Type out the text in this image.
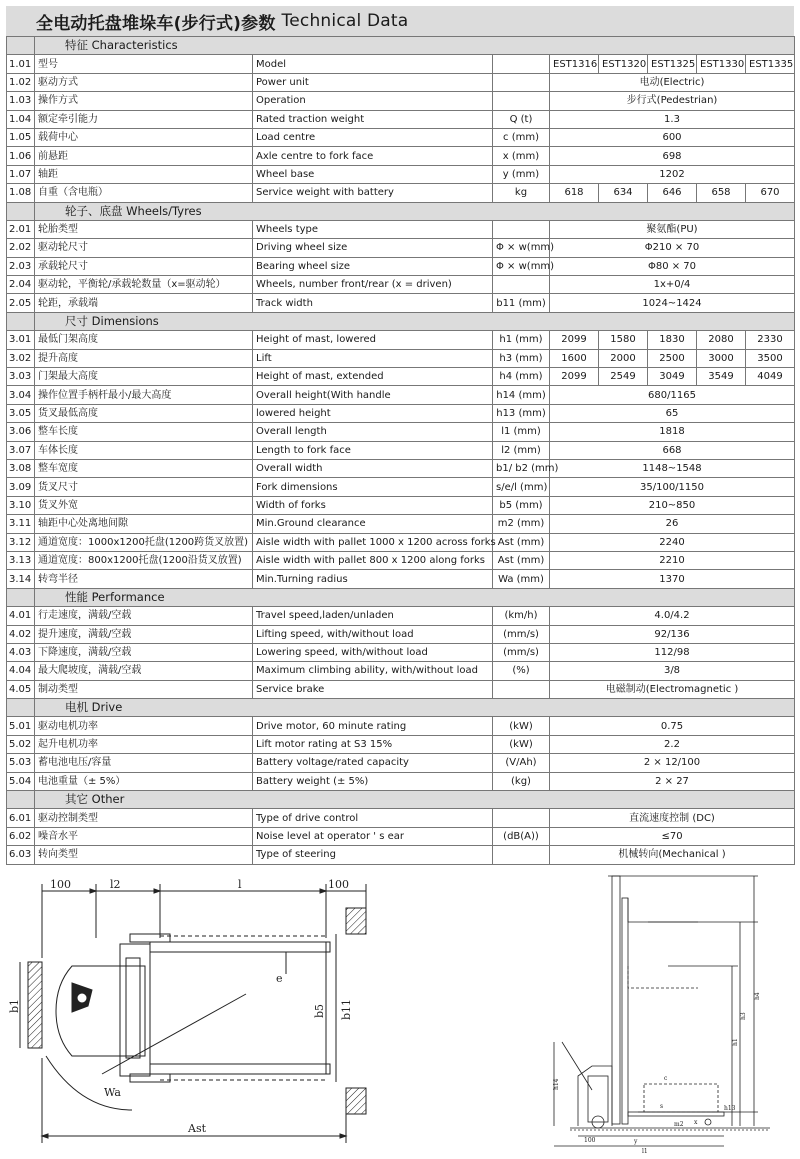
全电动托盘堆垛车(步行式)参数 Technical Data
	特征 Characteristics							
1.01	型号	Model		EST1316	EST1320	EST1325	EST1330	EST1335
1.02	驱动方式	Power unit		电动(Electric)				
1.03	操作方式	Operation		步行式(Pedestrian)				
1.04	额定牵引能力	Rated traction weight	Q (t)	1.3				
1.05	载荷中心	Load centre	c (mm)	600				
1.06	前悬距	Axle centre to fork face	x (mm)	698				
1.07	轴距	Wheel base	y (mm)	1202				
1.08	自重（含电瓶）	Service weight with battery	kg	618	634	646	658	670
	轮子、底盘 Wheels/Tyres							
2.01	轮胎类型	Wheels type		聚氨酯(PU)				
2.02	驱动轮尺寸	Driving wheel size	Φ × w(mm)	Φ210 × 70				
2.03	承载轮尺寸	Bearing wheel size	Φ × w(mm)	Φ80 × 70				
2.04	驱动轮，平衡轮/承载轮数量（x=驱动轮）	Wheels, number front/rear (x = driven)		1x+0/4				
2.05	轮距，承载端	Track width	b11 (mm)	1024~1424				
	尺寸 Dimensions							
3.01	最低门架高度	Height of mast, lowered	h1 (mm)	2099	1580	1830	2080	2330
3.02	提升高度	Lift	h3 (mm)	1600	2000	2500	3000	3500
3.03	门架最大高度	Height of mast, extended	h4 (mm)	2099	2549	3049	3549	4049
3.04	操作位置手柄杆最小/最大高度	Overall height(With handle	h14 (mm)	680/1165				
3.05	货叉最低高度	lowered height	h13 (mm)	65				
3.06	整车长度	Overall length	l1 (mm)	1818				
3.07	车体长度	Length to fork face	l2 (mm)	668				
3.08	整车宽度	Overall width	b1/ b2 (mm)	1148~1548				
3.09	货叉尺寸	Fork dimensions	s/e/l (mm)	35/100/1150				
3.10	货叉外宽	Width of forks	b5 (mm)	210~850				
3.11	轴距中心处离地间隙	Min.Ground clearance	m2 (mm)	26				
3.12	通道宽度：1000x1200托盘(1200跨货叉放置)	Aisle width with pallet 1000 x 1200 across forks	Ast (mm)	2240				
3.13	通道宽度：800x1200托盘(1200沿货叉放置)	Aisle width with pallet 800 x 1200 along forks	Ast (mm)	2210				
3.14	转弯半径	Min.Turning radius	Wa (mm)	1370				
	性能 Performance							
4.01	行走速度，满载/空载	Travel speed,laden/unladen	(km/h)	4.0/4.2				
4.02	提升速度，满载/空载	Lifting speed, with/without load	(mm/s)	92/136				
4.03	下降速度，满载/空载	Lowering speed, with/without load	(mm/s)	112/98				
4.04	最大爬坡度，满载/空载	Maximum climbing ability, with/without load	(%)	3/8				
4.05	制动类型	Service brake		电磁制动(Electromagnetic )				
	电机 Drive							
5.01	驱动电机功率	Drive motor, 60 minute rating	(kW)	0.75				
5.02	起升电机功率	Lift motor rating at S3 15%	(kW)	2.2				
5.03	蓄电池电压/容量	Battery voltage/rated capacity	(V/Ah)	2 × 12/100				
5.04	电池重量（± 5%）	Battery weight (± 5%)	(kg)	2 × 27				
	其它 Other							
6.01	驱动控制类型	Type of drive control		直流速度控制 (DC)				
6.02	噪音水平	Noise level at operator ' s ear	(dB(A))	≤70				
6.03	转向类型	Type of steering		机械转向(Mechanical )				
100	l2	l	100
b1	b5 b11
e
Wa
Ast
h4
h3
h1
h14
h13
s
c
y
l1
100
x
m2
